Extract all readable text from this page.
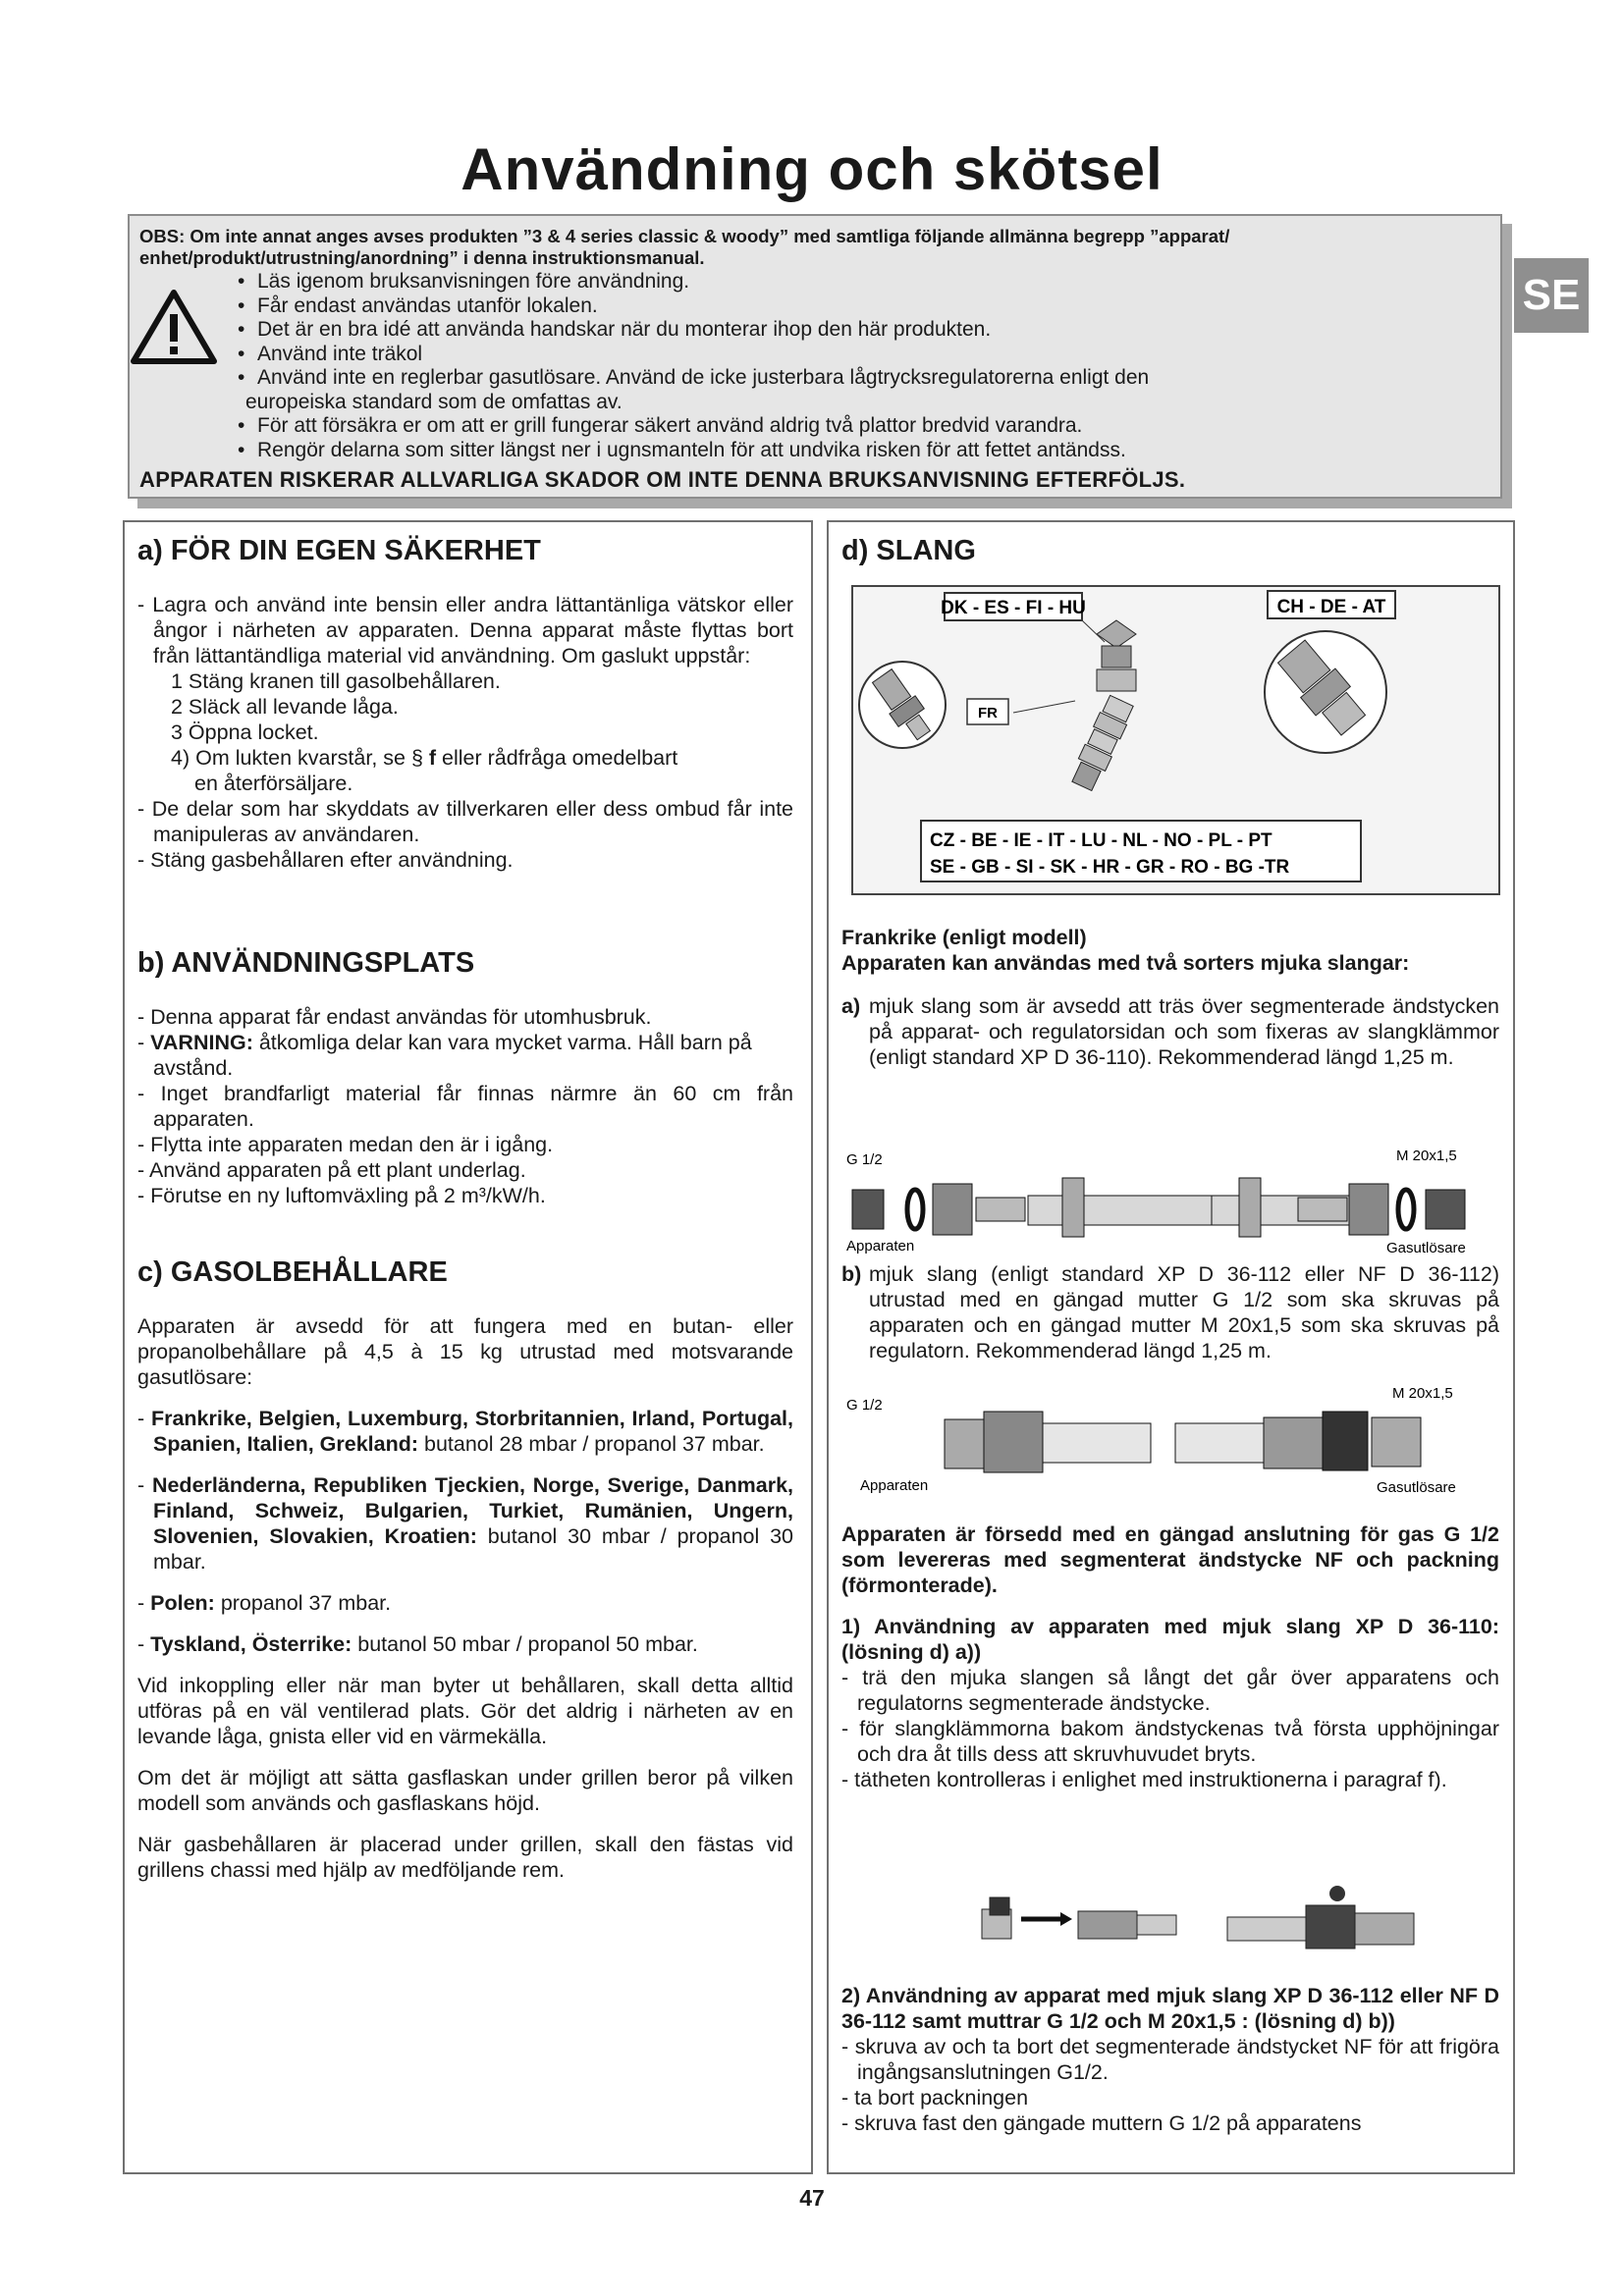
Användning och skötsel
OBS: Om inte annat anges avses produkten ”3 & 4 series classic & woody” med samtliga följande allmänna begrepp ”apparat/ enhet/produkt/utrustning/anordning” i denna instruktionsmanual.
• Läs igenom bruksanvisningen före användning.
• Får endast användas utanför lokalen.
• Det är en bra idé att använda handskar när du monterar ihop den här produkten.
• Använd inte träkol
• Använd inte en reglerbar gasutlösare. Använd de icke justerbara lågtrycksregulatorerna enligt den
europeiska standard som de omfattas av.
• För att försäkra er om att er grill fungerar säkert använd aldrig två plattor bredvid varandra.
• Rengör delarna som sitter längst ner i ugnsmanteln för att undvika risken för att fettet antändss.
APPARATEN RISKERAR ALLVARLIGA SKADOR OM INTE DENNA BRUKSANVISNING EFTERFÖLJS.
SE
a) FÖR DIN EGEN SÄKERHET

- Lagra och använd inte bensin eller andra lättantänliga vätskor eller ångor i närheten av apparaten. Denna apparat måste flyttas bort från lättantändliga material vid användning. Om gaslukt uppstår:

1 Stäng kranen till gasolbehållaren.

2 Släck all levande låga.

3 Öppna locket.

4) Om lukten kvarstår, se § f eller rådfråga omedelbart

en återförsäljare.

- De delar som har skyddats av tillverkaren eller dess ombud får inte manipuleras av användaren.

- Stäng gasbehållaren efter användning.

b) ANVÄNDNINGSPLATS

- Denna apparat får endast användas för utomhusbruk.

- VARNING: åtkomliga delar kan vara mycket varma. Håll barn på avstånd.

- Inget brandfarligt material får finnas närmre än 60 cm från apparaten.

- Flytta inte apparaten medan den är i igång.

- Använd apparaten på ett plant underlag.

- Förutse en ny luftomväxling på 2 m³/kW/h.

c) GASOLBEHÅLLARE

Apparaten är avsedd för att fungera med en butan- eller propanolbehållare på 4,5 à 15 kg utrustad med motsvarande gasutlösare:

- Frankrike, Belgien, Luxemburg, Storbritannien, Irland, Portugal, Spanien, Italien, Grekland: butanol 28 mbar / propanol 37 mbar.

- Nederländerna, Republiken Tjeckien, Norge, Sverige, Danmark, Finland, Schweiz, Bulgarien, Turkiet, Rumänien, Ungern, Slovenien, Slovakien, Kroatien: butanol 30 mbar / propanol 30 mbar.

- Polen: propanol 37 mbar.

- Tyskland, Österrike: butanol 50 mbar / propanol 50 mbar.

Vid inkoppling eller när man byter ut behållaren, skall detta alltid utföras på en väl ventilerad plats. Gör det aldrig i närheten av en levande låga, gnista eller vid en värmekälla.

Om det är möjligt att sätta gasflaskan under grillen beror på vilken modell som används och gasflaskans höjd.

När gasbehållaren är placerad under grillen, skall den fästas vid grillens chassi med hjälp av medföljande rem.

d) SLANG
DK - ES - FI - HU	CH - DE - AT
FR
CZ - BE - IE - IT - LU - NL - NO - PL - PT
SE - GB - SI - SK - HR - GR - RO - BG -TR

Frankrike (enligt modell)

Apparaten kan användas med två sorters mjuka slangar:

a) mjuk slang som är avsedd att träs över segmenterade ändstycken på apparat- och regulatorsidan och som fixeras av slangklämmor (enligt standard XP D 36-110). Rekommenderad längd 1,25 m.
G 1/2	M 20x1,5
Apparaten	Gasutlösare
b) mjuk slang (enligt standard XP D 36-112 eller NF D 36-112) utrustad med en gängad mutter G 1/2 som ska skruvas på apparaten och en gängad mutter M 20x1,5 som ska skruvas på regulatorn. Rekommenderad längd 1,25 m.
G 1/2
M 20x1,5
Apparaten	Gasutlösare

Apparaten är försedd med en gängad anslutning för gas G 1/2 som levereras med segmenterat ändstycke NF och packning (förmonterade).

1) Användning av apparaten med mjuk slang XP D 36-110: (lösning d) a))

- trä den mjuka slangen så långt det går över apparatens och regulatorns segmenterade ändstycke.

- för slangklämmorna bakom ändstyckenas två första upphöjningar och dra åt tills dess att skruvhuvudet bryts.

- tätheten kontrolleras i enlighet med instruktionerna i paragraf f).

2) Användning av apparat med mjuk slang XP D 36-112 eller NF D 36-112 samt muttrar G 1/2 och M 20x1,5 : (lösning d) b))

- skruva av och ta bort det segmenterade ändstycket NF för att frigöra ingångsanslutningen G1/2.

- ta bort packningen

- skruva fast den gängade muttern G 1/2 på apparatens

47
